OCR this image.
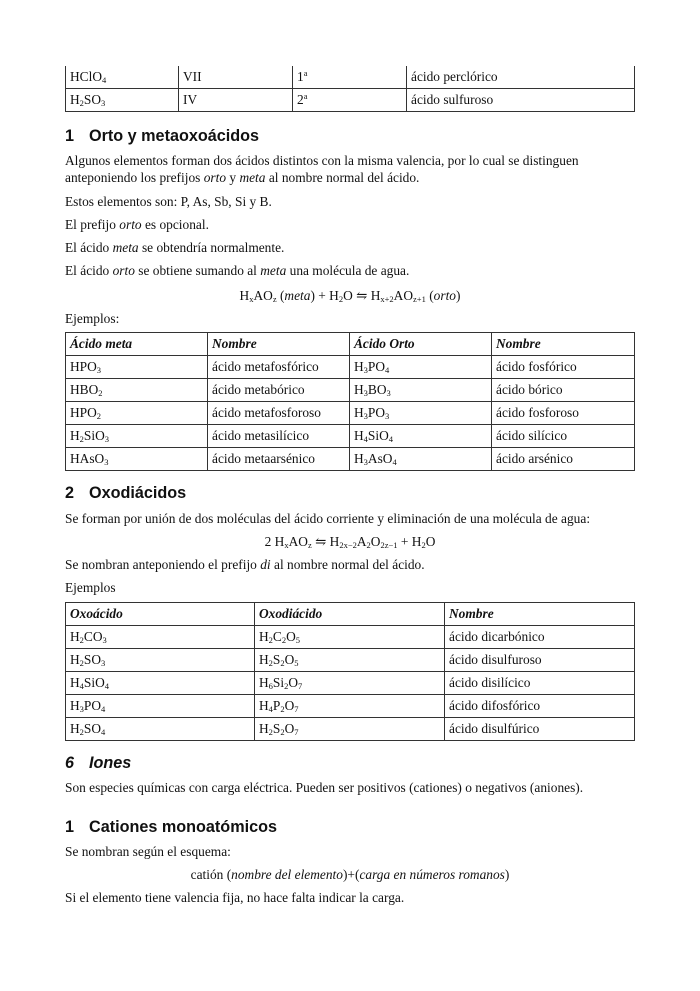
HClO$_4$	VII	1$^a$	ácido perclórico
$H_2SO_3$	IV	2$^a$	ácido sulfuroso
1 Orto y metaoxoácidos

Algunos elementos forman dos ácidos distintos con la misma valencia, por lo cual se distinguen

anteponiendo los prefijos orto y meta al nombre normal del ácido.

Estos elementos son: P, As, Sb, Si y B.

El prefijo orto es opcional.

El ácido meta se obtendría normalmente.

El ácido orto se obtiene sumando al meta una molécula de agua.

$H_xAO_z$ (meta) + $H_2O$ ⇋ $H_{x+2}AO_{z+1}$ (orto)

Ejemplos:

Ácido meta	Nombre	Ácido Orto	Nombre
$HPO_3$	ácido metafosfórico	$H_3PO_4$	ácido fosfórico
$HBO_2$	ácido metabórico	$H_3BO_3$	ácido bórico
$HPO_2$	ácido metafosforoso	$H_3PO_3$	ácido fosforoso
$H_2SiO_3$	ácido metasilícico	$H_4SiO_4$	ácido silícico
HAsO$_3$	ácido metaarsénico	$H_3AsO_4$	ácido arsénico
2 Oxodiácidos

Se forman por unión de dos moléculas del ácido corriente y eliminación de una molécula de agua:

2 $H_xAO_z$ ⇋ $H_{2x-2}A_2O_{2z-1} + H_2O$

Se nombran anteponiendo el prefijo di al nombre normal del ácido.

Ejemplos

Oxoácido	Oxodiácido	Nombre
$H_2CO_3$	$H_2C_2O_5$	ácido dicarbónico
$H_2SO_3$	$H_2S_2O_5$	ácido disulfuroso
$H_4SiO_4$	$H_6Si_2O_7$	ácido disilícico
$H_3PO_4$	$H_4P_2O_7$	ácido difosfórico
$H_2SO_4$	$H_2S_2O_7$	ácido disulfúrico
6 Iones

Son especies químicas con carga eléctrica. Pueden ser positivos (cationes) o negativos (aniones).

1 Cationes monoatómicos

Se nombran según el esquema:

catión (nombre del elemento)+(carga en números romanos)

Si el elemento tiene valencia fija, no hace falta indicar la carga.
